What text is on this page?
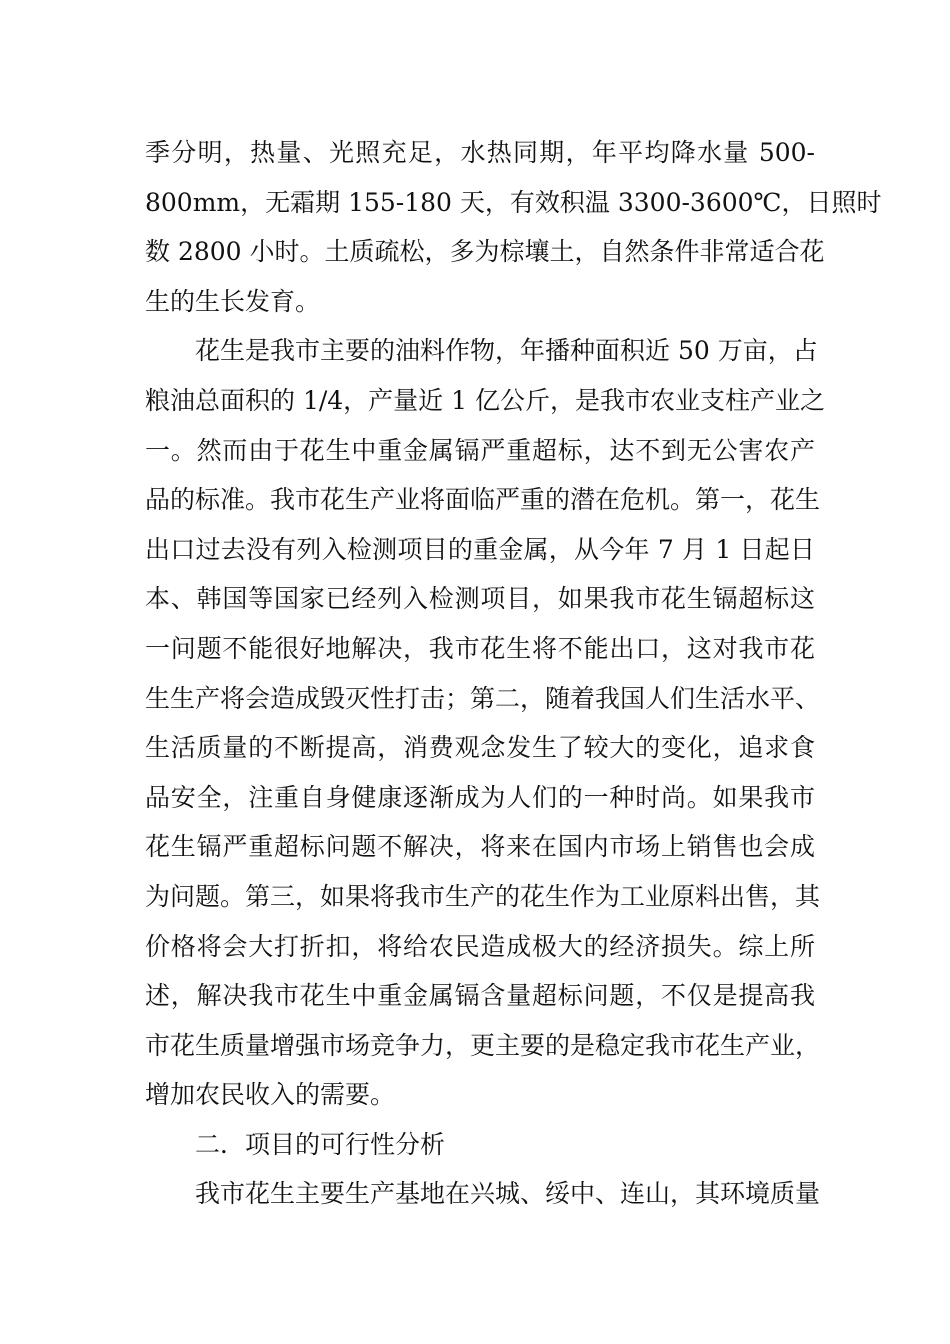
季分明，热量、光照充足，水热同期，年平均降水量 500-
800mm，无霜期 155-180 天，有效积温 3300-3600℃，日照时
数 2800 小时。土质疏松，多为棕壤土，自然条件非常适合花
生的生长发育。
花生是我市主要的油料作物，年播种面积近 50 万亩，占
粮油总面积的 1/4，产量近 1 亿公斤，是我市农业支柱产业之
一。然而由于花生中重金属镉严重超标，达不到无公害农产
品的标准。我市花生产业将面临严重的潜在危机。第一，花生
出口过去没有列入检测项目的重金属，从今年 7 月 1 日起日
本、韩国等国家已经列入检测项目，如果我市花生镉超标这
一问题不能很好地解决，我市花生将不能出口，这对我市花
生生产将会造成毁灭性打击；第二，随着我国人们生活水平、
生活质量的不断提高，消费观念发生了较大的变化，追求食
品安全，注重自身健康逐渐成为人们的一种时尚。如果我市
花生镉严重超标问题不解决，将来在国内市场上销售也会成
为问题。第三，如果将我市生产的花生作为工业原料出售，其
价格将会大打折扣，将给农民造成极大的经济损失。综上所
述，解决我市花生中重金属镉含量超标问题，不仅是提高我
市花生质量增强市场竞争力，更主要的是稳定我市花生产业，
增加农民收入的需要。
二．项目的可行性分析
我市花生主要生产基地在兴城、绥中、连山，其环境质量
